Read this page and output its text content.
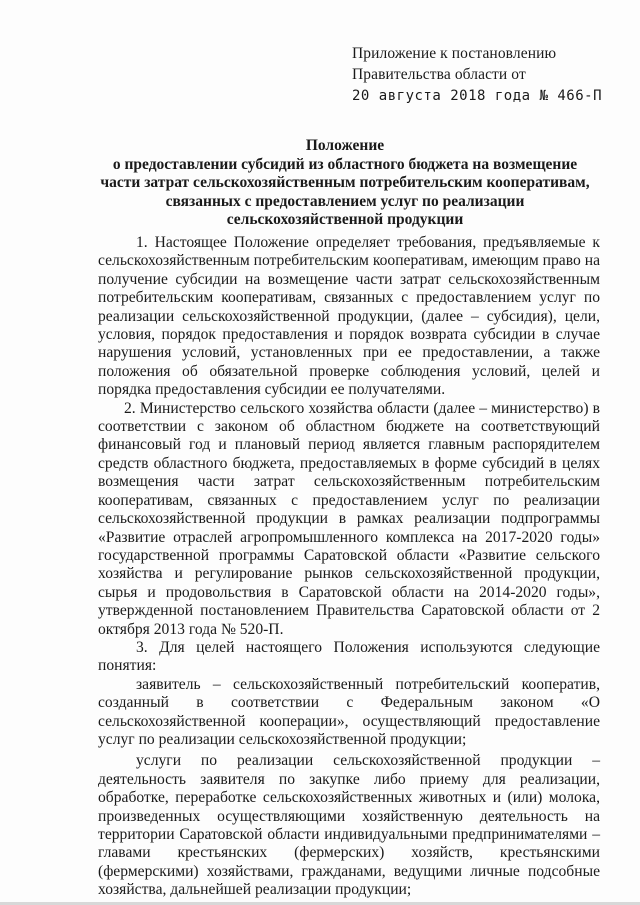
Приложение к постановлению
Правительства области от
20 августа 2018 года № 466-П
Положение
о предоставлении субсидий из областного бюджета на возмещение
части затрат сельскохозяйственным потребительским кооперативам,
связанных с предоставлением услуг по реализации
сельскохозяйственной продукции

1. Настоящее Положение определяет требования, предъявляемые к сельскохозяйственным потребительским кооперативам, имеющим право на получение субсидии на возмещение части затрат сельскохозяйственным потребительским кооперативам, связанных с предоставлением услуг по реализации сельскохозяйственной продукции, (далее – субсидия), цели, условия, порядок предоставления и порядок возврата субсидии в случае нарушения условий, установленных при ее предоставлении, а также положения об обязательной проверке соблюдения условий, целей и порядка предоставления субсидии ее получателями.

2. Министерство сельского хозяйства области (далее – министерство) в соответствии с законом об областном бюджете на соответствующий финансовый год и плановый период является главным распорядителем средств областного бюджета, предоставляемых в форме субсидий в целях возмещения части затрат сельскохозяйственным потребительским кооперативам, связанных с предоставлением услуг по реализации сельскохозяйственной продукции в рамках реализации подпрограммы «Развитие отраслей агропромышленного комплекса на 2017-2020 годы» государственной программы Саратовской области «Развитие сельского хозяйства и регулирование рынков сельскохозяйственной продукции, сырья и продовольствия в Саратовской области на 2014-2020 годы», утвержденной постановлением Правительства Саратовской области от 2 октября 2013 года № 520-П.

3. Для целей настоящего Положения используются следующие понятия:

заявитель – сельскохозяйственный потребительский кооператив, созданный в соответствии с Федеральным законом «О сельскохозяйственной кооперации», осуществляющий предоставление услуг по реализации сельскохозяйственной продукции;

услуги по реализации сельскохозяйственной продукции – деятельность заявителя по закупке либо приему для реализации, обработке, переработке сельскохозяйственных животных и (или) молока, произведенных осуществляющими хозяйственную деятельность на территории Саратовской области индивидуальными предпринимателями – главами крестьянских (фермерских) хозяйств, крестьянскими (фермерскими) хозяйствами, гражданами, ведущими личные подсобные хозяйства, дальнейшей реализации продукции;
